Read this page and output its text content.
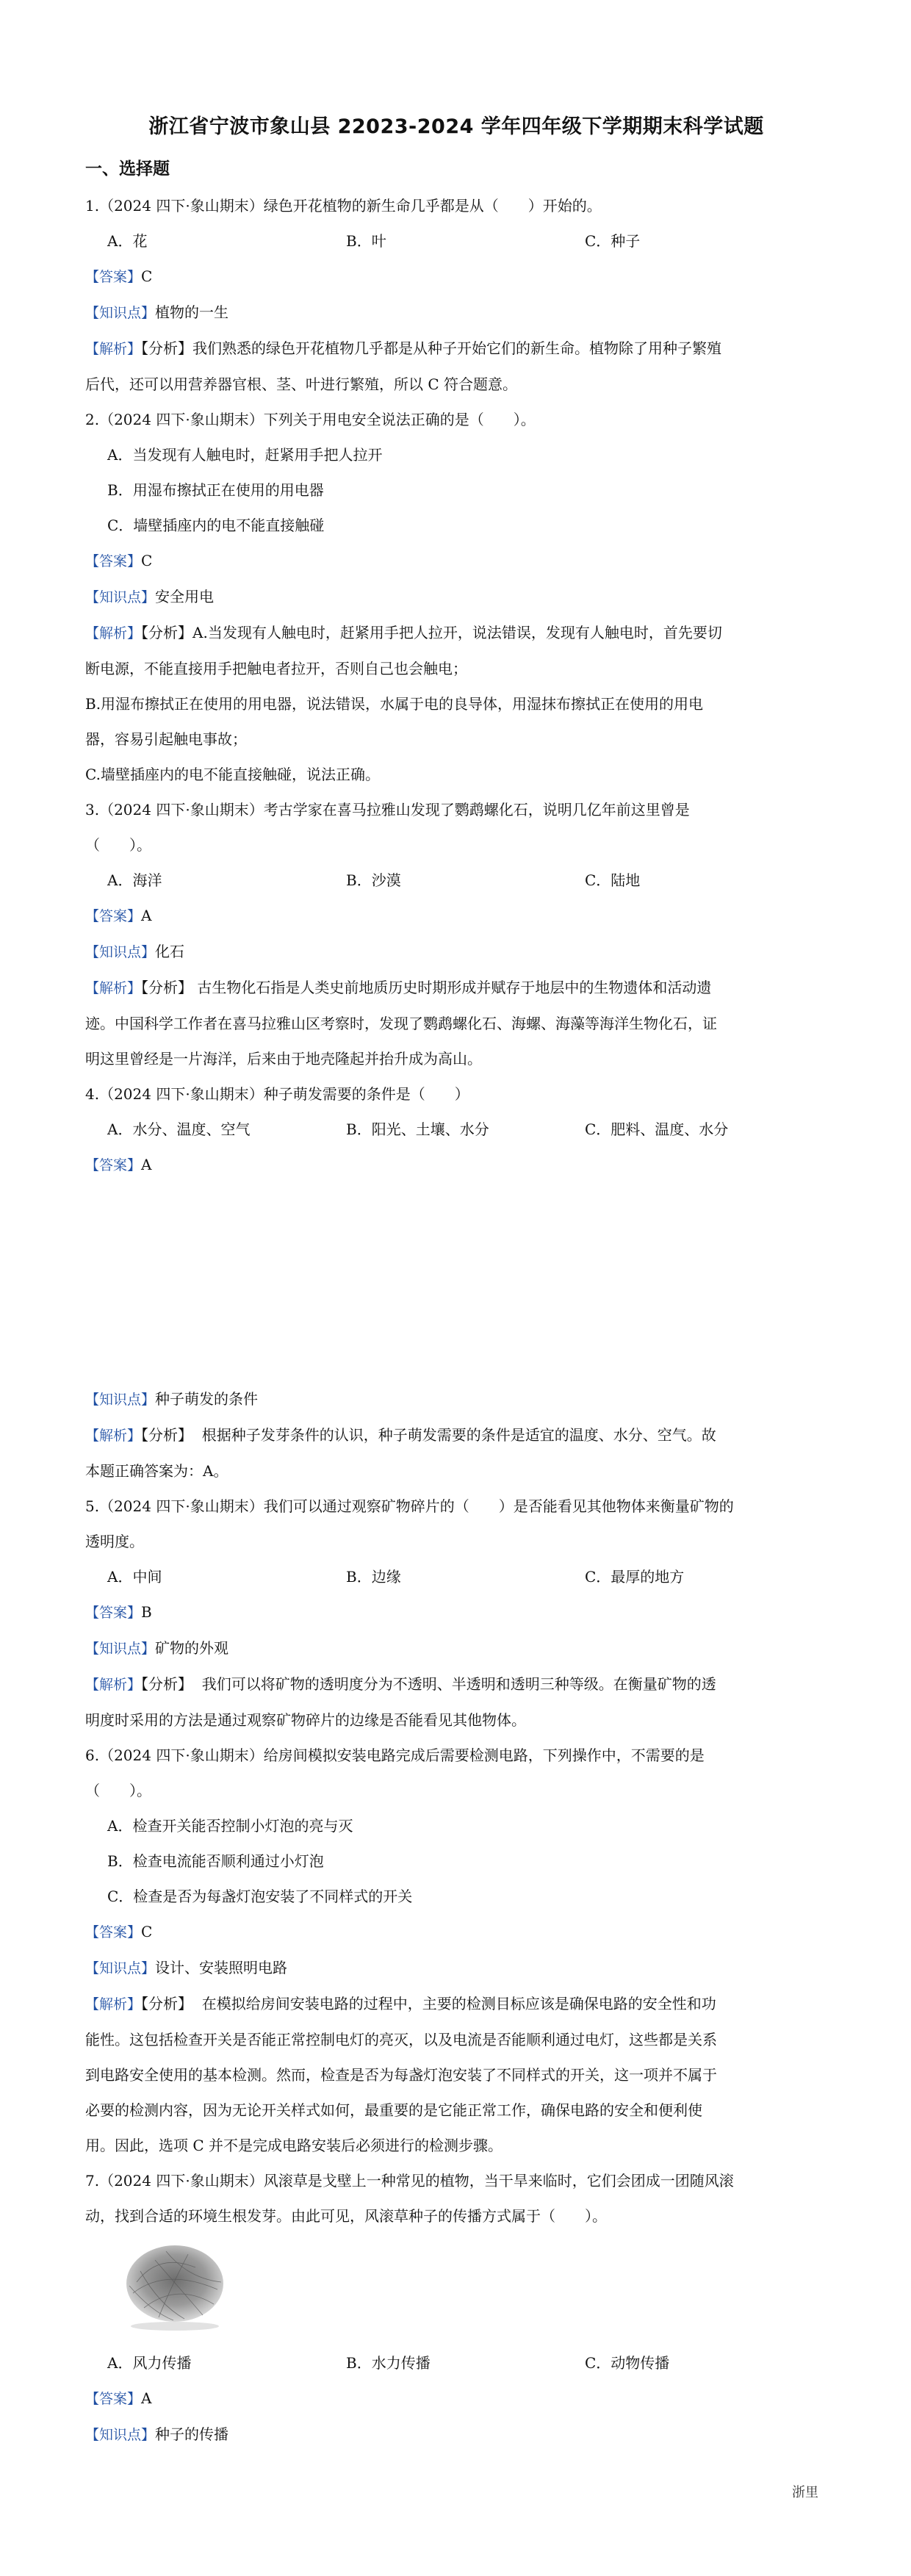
浙江省宁波市象山县 22023-2024 学年四年级下学期期末科学试题
一、选择题
1.（2024 四下·象山期末）绿色开花植物的新生命几乎都是从（　　）开始的。
A．花	B．叶	C．种子
【答案】C
【知识点】植物的一生
【解析】【分析】我们熟悉的绿色开花植物几乎都是从种子开始它们的新生命。植物除了用种子繁殖
后代，还可以用营养器官根、茎、叶进行繁殖，所以 C 符合题意。
2.（2024 四下·象山期末）下列关于用电安全说法正确的是（　　）。
A．当发现有人触电时，赶紧用手把人拉开
B．用湿布擦拭正在使用的用电器
C．墙壁插座内的电不能直接触碰
【答案】C
【知识点】安全用电
【解析】【分析】A.当发现有人触电时，赶紧用手把人拉开，说法错误，发现有人触电时，首先要切
断电源，不能直接用手把触电者拉开，否则自己也会触电；
B.用湿布擦拭正在使用的用电器，说法错误，水属于电的良导体，用湿抹布擦拭正在使用的用电
器，容易引起触电事故；
C.墙壁插座内的电不能直接触碰，说法正确。
3.（2024 四下·象山期末）考古学家在喜马拉雅山发现了鹦鹉螺化石，说明几亿年前这里曾是
（　　）。
A．海洋	B．沙漠	C．陆地
【答案】A
【知识点】化石
【解析】【分析】 古生物化石指是人类史前地质历史时期形成并赋存于地层中的生物遗体和活动遗
迹。中国科学工作者在喜马拉雅山区考察时，发现了鹦鹉螺化石、海螺、海藻等海洋生物化石，证
明这里曾经是一片海洋，后来由于地壳隆起并抬升成为高山。
4.（2024 四下·象山期末）种子萌发需要的条件是（　　）
A．水分、温度、空气	B．阳光、土壤、水分	C．肥料、温度、水分
【答案】A
【知识点】种子萌发的条件
【解析】【分析】 根据种子发芽条件的认识，种子萌发需要的条件是适宜的温度、水分、空气。故
本题正确答案为：A。
5.（2024 四下·象山期末）我们可以通过观察矿物碎片的（　　）是否能看见其他物体来衡量矿物的
透明度。
A．中间	B．边缘	C．最厚的地方
【答案】B
【知识点】矿物的外观
【解析】【分析】 我们可以将矿物的透明度分为不透明、半透明和透明三种等级。在衡量矿物的透
明度时采用的方法是通过观察矿物碎片的边缘是否能看见其他物体。
6.（2024 四下·象山期末）给房间模拟安装电路完成后需要检测电路，下列操作中，不需要的是
（　　）。
A．检查开关能否控制小灯泡的亮与灭
B．检查电流能否顺利通过小灯泡
C．检查是否为每盏灯泡安装了不同样式的开关
【答案】C
【知识点】设计、安装照明电路
【解析】【分析】 在模拟给房间安装电路的过程中，主要的检测目标应该是确保电路的安全性和功
能性。这包括检查开关是否能正常控制电灯的亮灭，以及电流是否能顺利通过电灯，这些都是关系
到电路安全使用的基本检测。然而，检查是否为每盏灯泡安装了不同样式的开关，这一项并不属于
必要的检测内容，因为无论开关样式如何，最重要的是它能正常工作，确保电路的安全和便利使
用。因此，选项 C 并不是完成电路安装后必须进行的检测步骤。
7.（2024 四下·象山期末）风滚草是戈壁上一种常见的植物，当干旱来临时，它们会团成一团随风滚
动，找到合适的环境生根发芽。由此可见，风滚草种子的传播方式属于（　　）。
A．风力传播	B．水力传播	C．动物传播
【答案】A
【知识点】种子的传播
浙里
